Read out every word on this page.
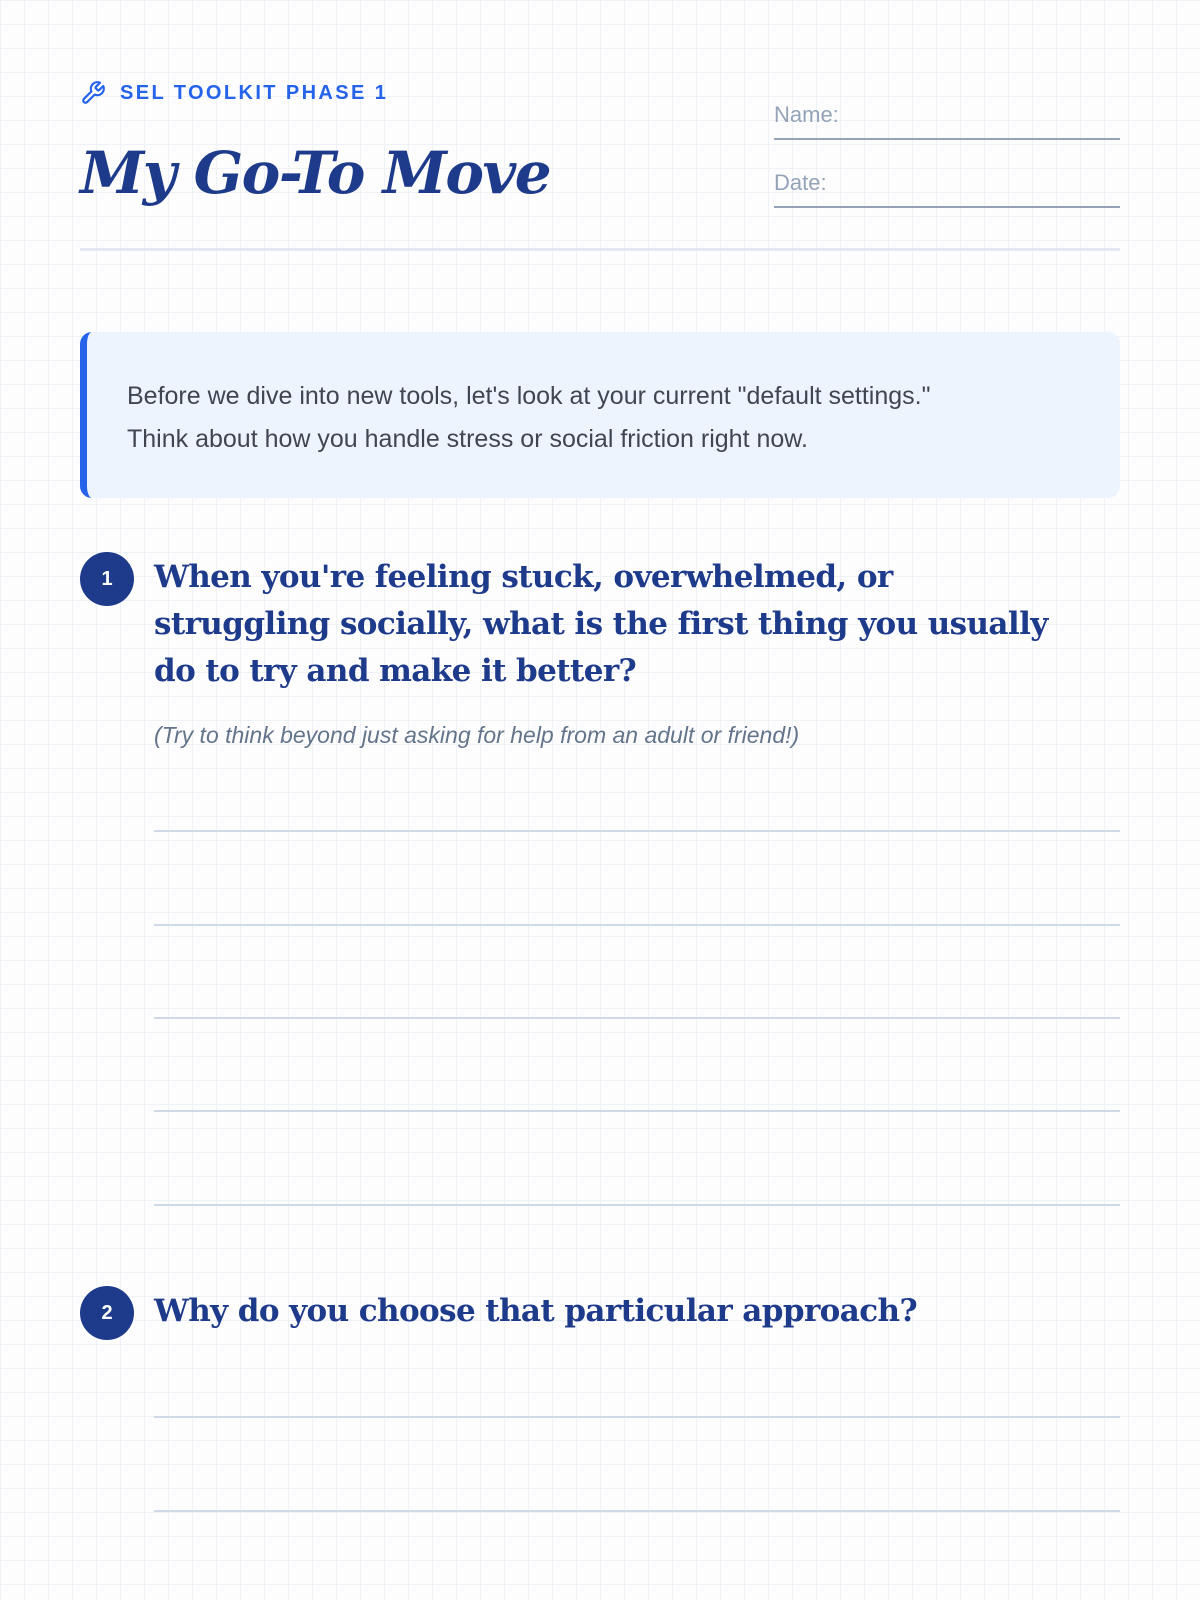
SEL TOOLKIT PHASE 1
My Go-To Move
Name:
Date:

Before we dive into new tools, let's look at your current "default settings."

Think about how you handle stress or social friction right now.

1	When you're feeling stuck, overwhelmed, or struggling socially, what is the first thing you usually do to try and make it better?

(Try to think beyond just asking for help from an adult or friend!)

2	Why do you choose that particular approach?
